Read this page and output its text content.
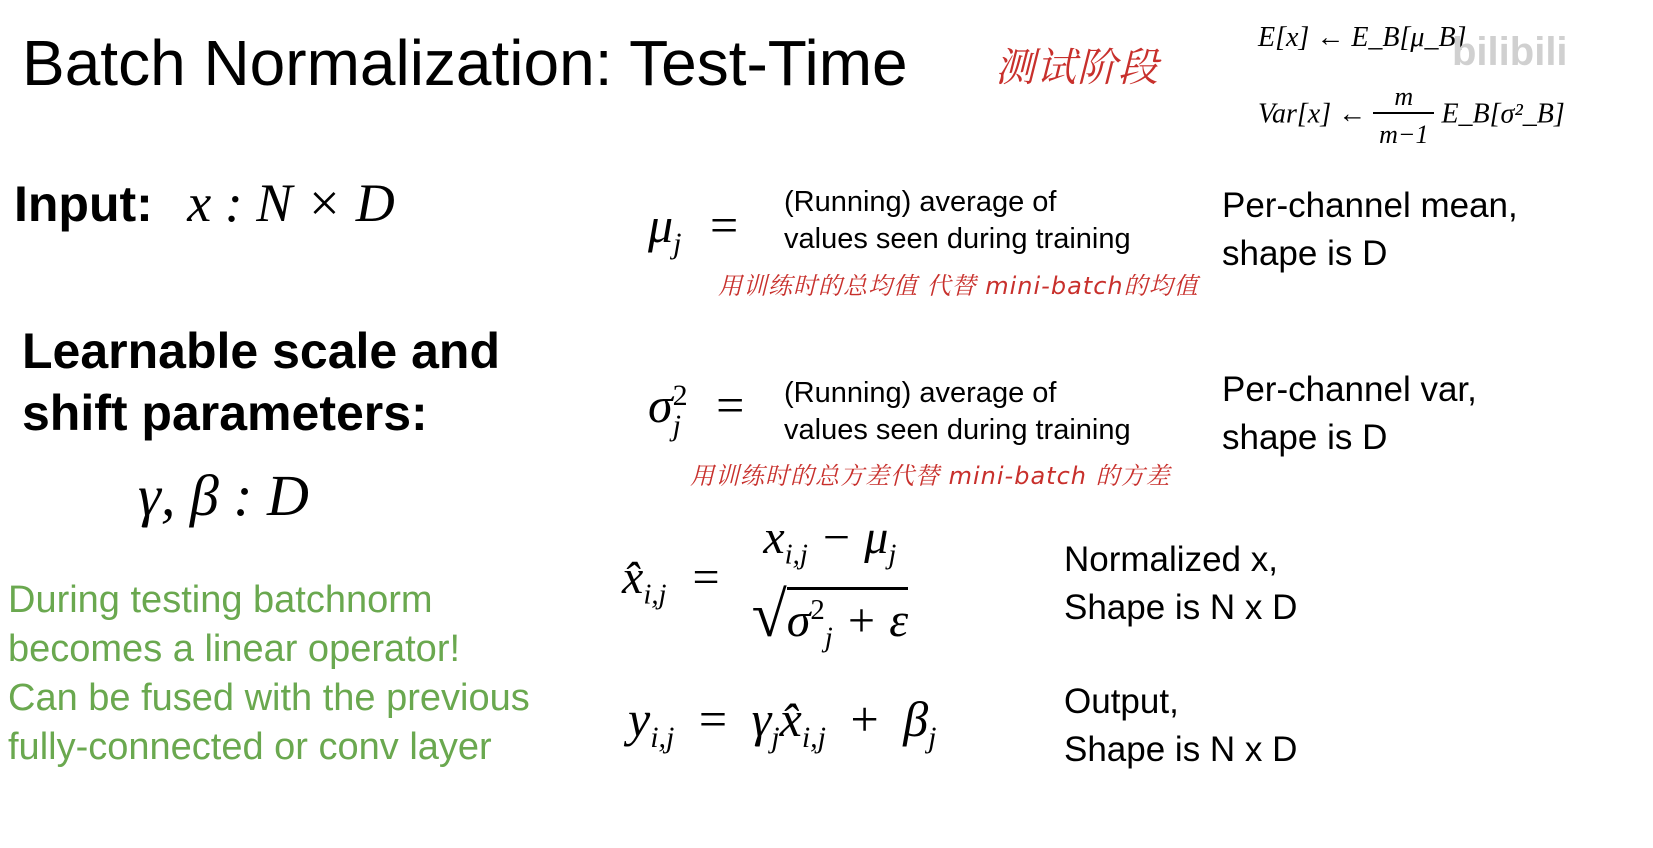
Batch Normalization: Test-Time 测试阶段
E[x] ← E_B[μ_B]
Var[x] ← $\frac{m}{m-1}$ E_B[σ²_B]
bilibili
Input: x : N × D
Learnable scale and
shift parameters:
γ, β : D
During testing batchnorm
becomes a linear operator!
Can be fused with the previous
fully-connected or conv layer
$\mu_j$ = (Running) average of
values seen during training
用训练时的总均值 代替 mini-batch的均值
Per-channel mean,
shape is D
σ 2
j = (Running) average of
values seen during training
用训练时的总方差代替 mini-batch 的方差
Per-channel var,
shape is D
$x̂_{i,j}$ =
$x_{i,j} - \mu_j$
$√\sigma^2_j + \varepsilon$
Normalized x,
Shape is N x D
$y_{i,j}$ = $\gamma_jx̂_{i,j} + \beta_j$
Output,
Shape is N x D
